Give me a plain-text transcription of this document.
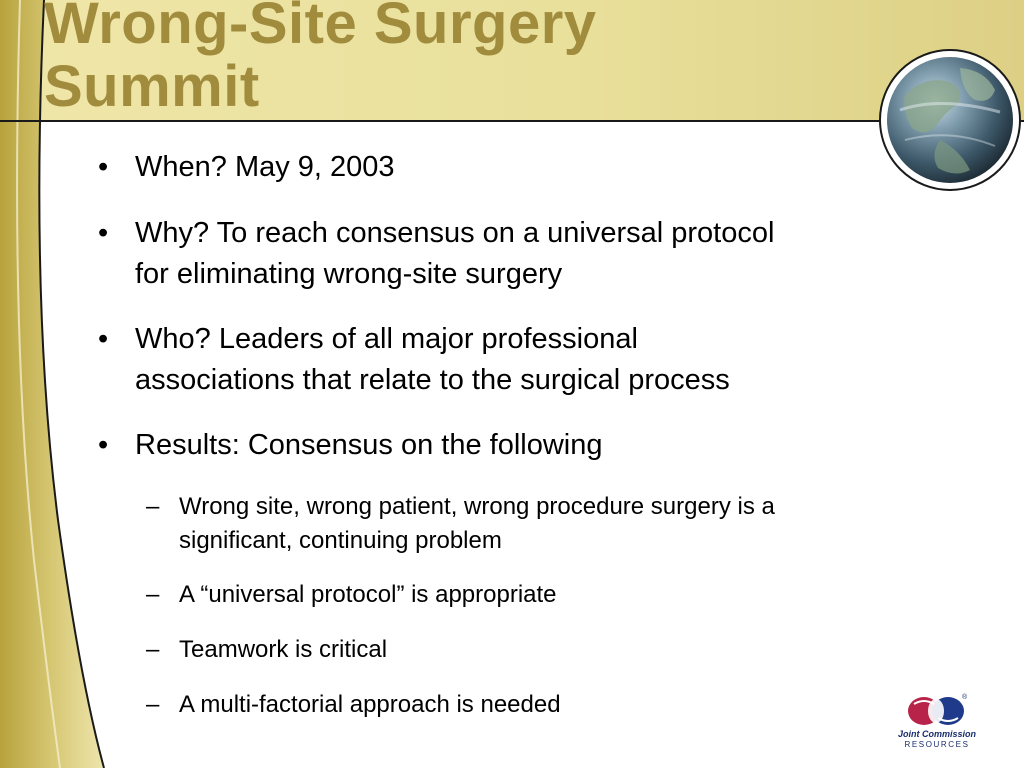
Wrong-Site Surgery
Summit
• When? May 9, 2003
• Why? To reach consensus on a universal protocol
for eliminating wrong-site surgery
• Who? Leaders of all major professional
associations that relate to the surgical process
• Results: Consensus on the following
– Wrong site, wrong patient, wrong procedure surgery is a
significant, continuing problem
– A “universal protocol” is appropriate
– Teamwork is critical
– A multi-factorial approach is needed	®
Joint Commission
RESOURCES
